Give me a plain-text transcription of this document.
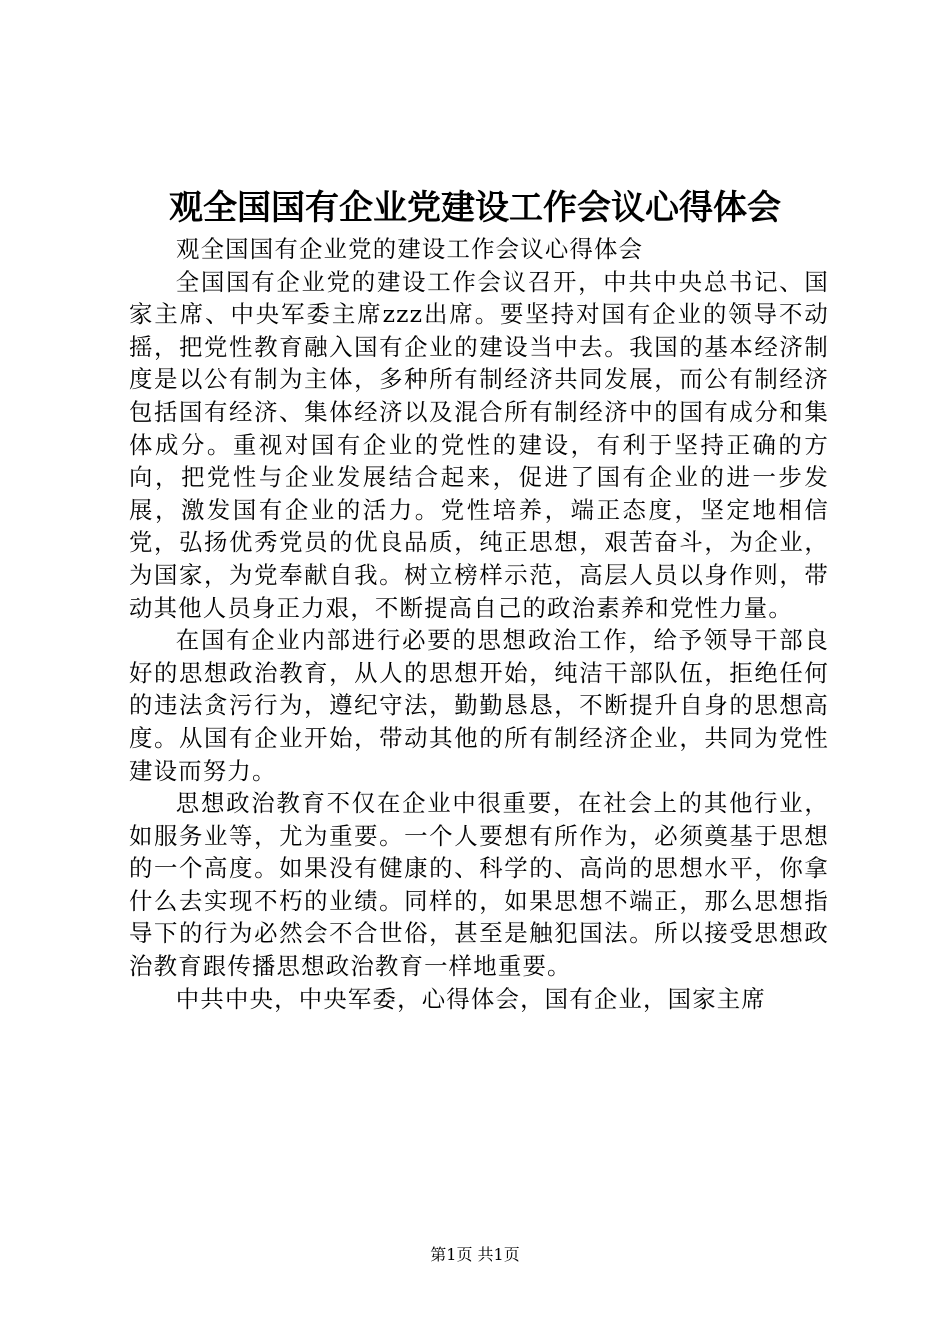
观全国国有企业党建设工作会议心得体会

观全国国有企业党的建设工作会议心得体会

全国国有企业党的建设工作会议召开，中共中央总书记、国家主席、中央军委主席zzz出席。要坚持对国有企业的领导不动摇，把党性教育融入国有企业的建设当中去。我国的基本经济制度是以公有制为主体，多种所有制经济共同发展，而公有制经济包括国有经济、集体经济以及混合所有制经济中的国有成分和集体成分。重视对国有企业的党性的建设，有利于坚持正确的方向，把党性与企业发展结合起来，促进了国有企业的进一步发展，激发国有企业的活力。党性培养，端正态度，坚定地相信党，弘扬优秀党员的优良品质，纯正思想，艰苦奋斗，为企业，为国家，为党奉献自我。树立榜样示范，高层人员以身作则，带动其他人员身正力艰，不断提高自己的政治素养和党性力量。

在国有企业内部进行必要的思想政治工作，给予领导干部良好的思想政治教育，从人的思想开始，纯洁干部队伍，拒绝任何的违法贪污行为，遵纪守法，勤勤恳恳，不断提升自身的思想高度。从国有企业开始，带动其他的所有制经济企业，共同为党性建设而努力。

思想政治教育不仅在企业中很重要，在社会上的其他行业，如服务业等，尤为重要。一个人要想有所作为，必须奠基于思想的一个高度。如果没有健康的、科学的、高尚的思想水平，你拿什么去实现不朽的业绩。同样的，如果思想不端正，那么思想指导下的行为必然会不合世俗，甚至是触犯国法。所以接受思想政治教育跟传播思想政治教育一样地重要。

中共中央，中央军委，心得体会，国有企业，国家主席

第1页 共1页
